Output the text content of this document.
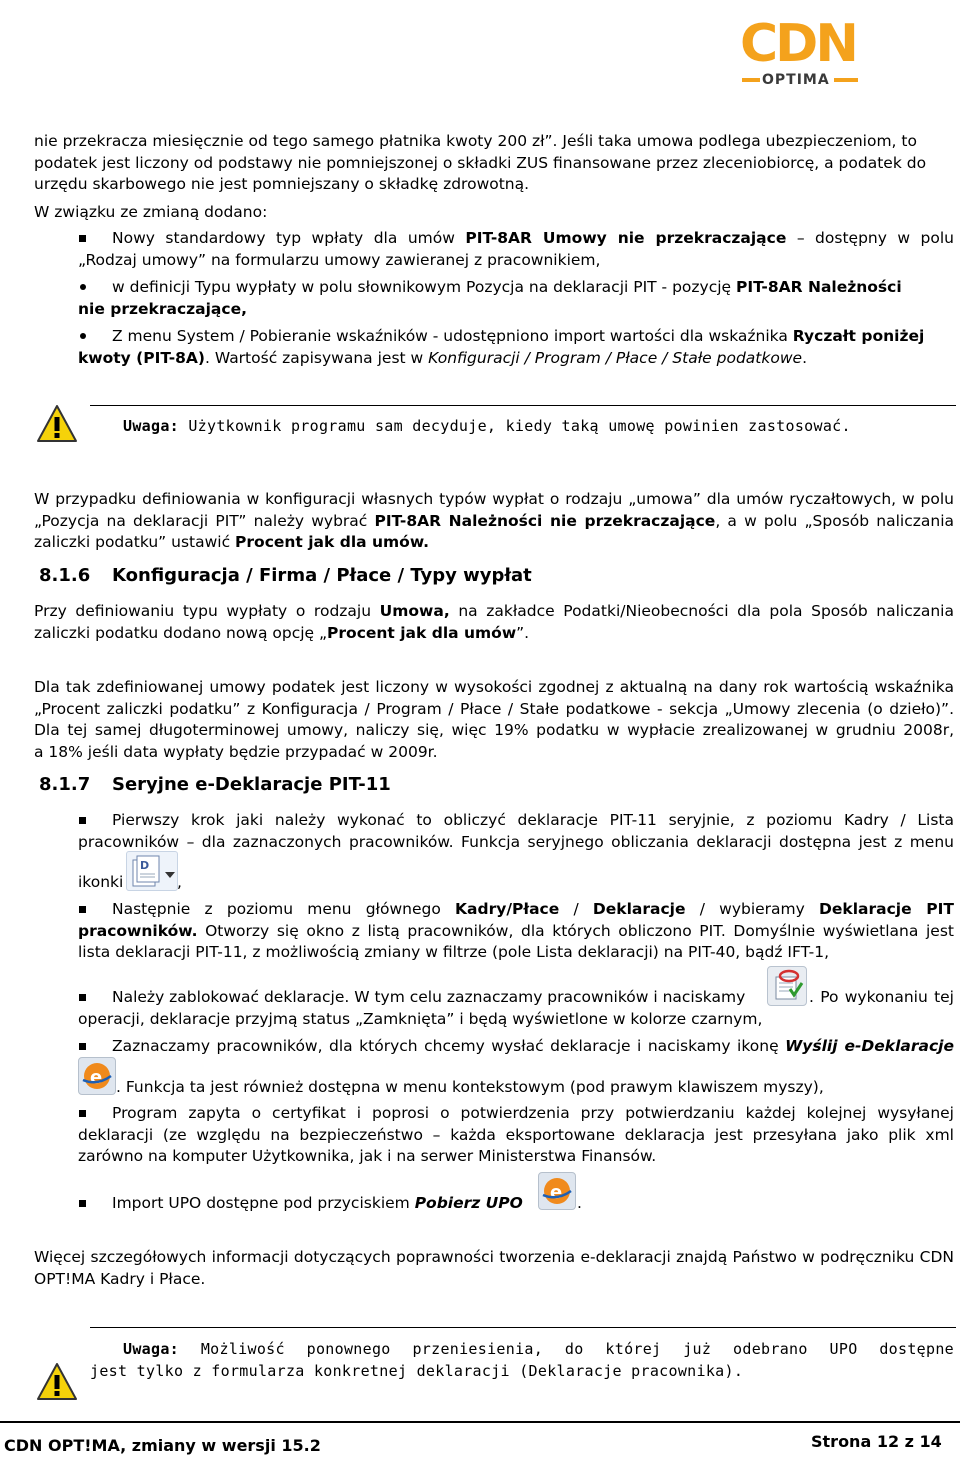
CDN
OPTIMA
nie przekracza miesięcznie od tego samego płatnika kwoty 200 zł”. Jeśli taka umowa podlega ubezpieczeniom, to
podatek jest liczony od podstawy nie pomniejszonej o składki ZUS finansowane przez zleceniobiorcę, a podatek do
urzędu skarbowego nie jest pomniejszany o składkę zdrowotną.
W związku ze zmianą dodano:
Nowy standardowy typ wpłaty dla umów PIT-8AR Umowy nie przekraczające – dostępny w polu
„Rodzaj umowy” na formularzu umowy zawieranej z pracownikiem,
w definicji Typu wypłaty w polu słownikowym Pozycja na deklaracji PIT - pozycję PIT-8AR Należności
nie przekraczające,
Z menu System / Pobieranie wskaźników - udostępniono import wartości dla wskaźnika Ryczałt poniżej
kwoty (PIT-8A). Wartość zapisywana jest w Konfiguracji / Program / Płace / Stałe podatkowe.
Uwaga: Użytkownik programu sam decyduje, kiedy taką umowę powinien zastosować.
W przypadku definiowania w konfiguracji własnych typów wypłat o rodzaju „umowa” dla umów ryczałtowych, w polu
„Pozycja na deklaracji PIT” należy wybrać PIT-8AR Należności nie przekraczające, a w polu „Sposób naliczania
zaliczki podatku” ustawić Procent jak dla umów.
8.1.6 Konfiguracja / Firma / Płace / Typy wypłat
Przy definiowaniu typu wypłaty o rodzaju Umowa, na zakładce Podatki/Nieobecności dla pola Sposób naliczania
zaliczki podatku dodano nową opcję „Procent jak dla umów”.
Dla tak zdefiniowanej umowy podatek jest liczony w wysokości zgodnej z aktualną na dany rok wartością wskaźnika
„Procent zaliczki podatku” z Konfiguracja / Program / Płace / Stałe podatkowe - sekcja „Umowy zlecenia (o dzieło)”.
Dla tej samej długoterminowej umowy, naliczy się, więc 19% podatku w wypłacie zrealizowanej w grudniu 2008r,
a 18% jeśli data wypłaty będzie przypadać w 2009r.
8.1.7 Seryjne e-Deklaracje PIT-11
Pierwszy krok jaki należy wykonać to obliczyć deklaracje PIT-11 seryjnie, z poziomu Kadry / Lista
pracowników – dla zaznaczonych pracowników. Funkcja seryjnego obliczania deklaracji dostępna jest z menu
ikonki
D
,
Następnie z poziomu menu głównego Kadry/Płace / Deklaracje / wybieramy Deklaracje PIT
pracowników. Otworzy się okno z listą pracowników, dla których obliczono PIT. Domyślnie wyświetlana jest
lista deklaracji PIT-11, z możliwością zmiany w filtrze (pole Lista deklaracji) na PIT-40, bądź IFT-1,
Należy zablokować deklaracje. W tym celu zaznaczamy pracowników i naciskamy	. Po wykonaniu tej
operacji, deklaracje przyjmą status „Zamknięta” i będą wyświetlone w kolorze czarnym,
Zaznaczamy pracowników, dla których chcemy wysłać deklaracje i naciskamy ikonę Wyślij e-Deklaracje
e . Funkcja ta jest również dostępna w menu kontekstowym (pod prawym klawiszem myszy),
Program zapyta o certyfikat i poprosi o potwierdzenia przy potwierdzaniu każdej kolejnej wysyłanej
deklaracji (ze względu na bezpieczeństwo – każda eksportowane deklaracja jest przesyłana jako plik xml
zarówno na komputer Użytkownika, jak i na serwer Ministerstwa Finansów.
Import UPO dostępne pod przyciskiem Pobierz UPO e .
Więcej szczegółowych informacji dotyczących poprawności tworzenia e-deklaracji znajdą Państwo w podręczniku CDN
OPT!MA Kadry i Płace.
Uwaga: Możliwość ponownego przeniesienia, do której już odebrano UPO dostępne
jest tylko z formularza konkretnej deklaracji (Deklaracje pracownika).
CDN OPT!MA, zmiany w wersji 15.2	Strona 12 z 14
